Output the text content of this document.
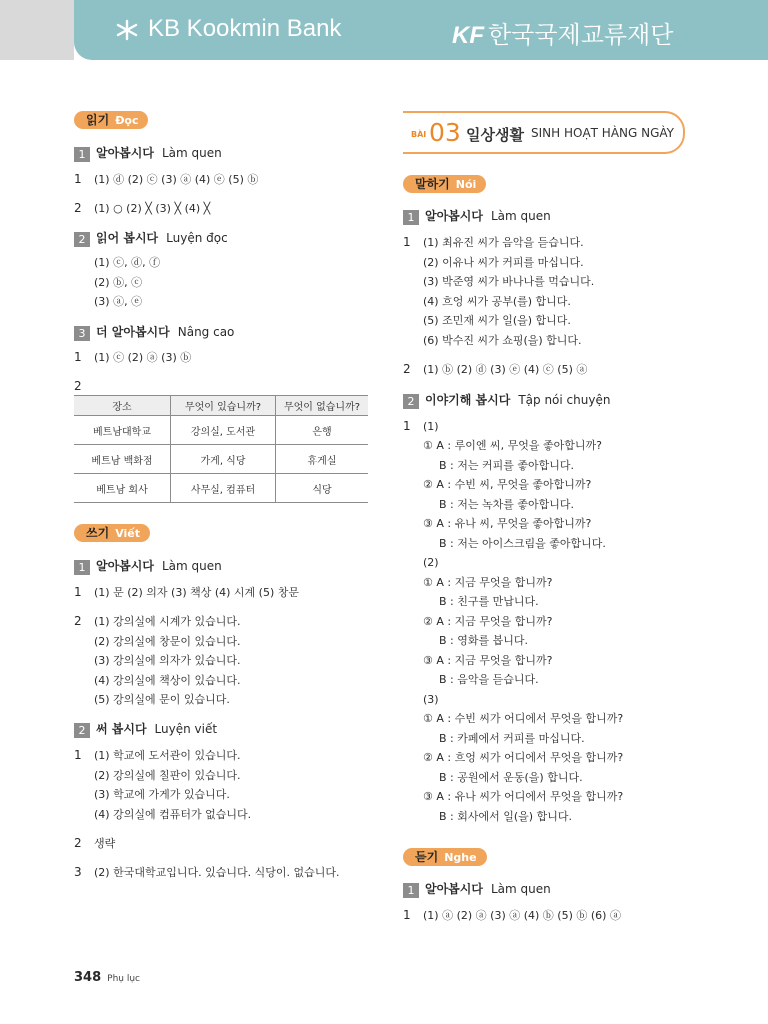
KB Kookmin Bank	KF 한국국제교류재단
읽기 Đọc
1 알아봅시다 Làm quen
1 (1) ⓓ (2) ⓒ (3) ⓐ (4) ⓔ (5) ⓑ
2 (1) ○ (2) ╳ (3) ╳ (4) ╳
2 읽어 봅시다 Luyện đọc
(1) ⓒ, ⓓ, ⓕ
(2) ⓑ, ⓒ
(3) ⓐ, ⓔ
3 더 알아봅시다 Nâng cao
1 (1) ⓒ (2) ⓐ (3) ⓑ
2
장소	무엇이 있습니까?	무엇이 없습니까?
베트남대학교	강의실, 도서관	은행
베트남 백화점	가게, 식당	휴게실
베트남 회사	사무실, 컴퓨터	식당
쓰기 Viết
1 알아봅시다 Làm quen
1 (1) 문 (2) 의자 (3) 책상 (4) 시계 (5) 창문
2 (1) 강의실에 시계가 있습니다.
(2) 강의실에 창문이 있습니다.
(3) 강의실에 의자가 있습니다.
(4) 강의실에 책상이 있습니다.
(5) 강의실에 문이 있습니다.
2 써 봅시다 Luyện viết
1 (1) 학교에 도서관이 있습니다.
(2) 강의실에 칠판이 있습니다.
(3) 학교에 가게가 있습니다.
(4) 강의실에 컴퓨터가 없습니다.
2 생략
3 (2) 한국대학교입니다. 있습니다. 식당이. 없습니다.
BÀI 03 일상생활 SINH HOẠT HÀNG NGÀY
말하기 Nói
1 알아봅시다 Làm quen
1 (1) 최유진 씨가 음악을 듣습니다.
(2) 이유나 씨가 커피를 마십니다.
(3) 박준영 씨가 바나나를 먹습니다.
(4) 흐엉 씨가 공부(를) 합니다.
(5) 조민재 씨가 일(을) 합니다.
(6) 박수진 씨가 쇼핑(을) 합니다.
2 (1) ⓑ (2) ⓓ (3) ⓔ (4) ⓒ (5) ⓐ
2 이야기해 봅시다 Tập nói chuyện
1 (1)
① A : 루이엔 씨, 무엇을 좋아합니까?
B : 저는 커피를 좋아합니다.
② A : 수빈 씨, 무엇을 좋아합니까?
B : 저는 녹차를 좋아합니다.
③ A : 유나 씨, 무엇을 좋아합니까?
B : 저는 아이스크림을 좋아합니다.
(2)
① A : 지금 무엇을 합니까?
B : 친구를 만납니다.
② A : 지금 무엇을 합니까?
B : 영화를 봅니다.
③ A : 지금 무엇을 합니까?
B : 음악을 듣습니다.
(3)
① A : 수빈 씨가 어디에서 무엇을 합니까?
B : 카페에서 커피를 마십니다.
② A : 흐엉 씨가 어디에서 무엇을 합니까?
B : 공원에서 운동(을) 합니다.
③ A : 유나 씨가 어디에서 무엇을 합니까?
B : 회사에서 일(을) 합니다.
듣기 Nghe
1 알아봅시다 Làm quen
1 (1) ⓐ (2) ⓐ (3) ⓐ (4) ⓑ (5) ⓑ (6) ⓐ
348 Phụ lục
